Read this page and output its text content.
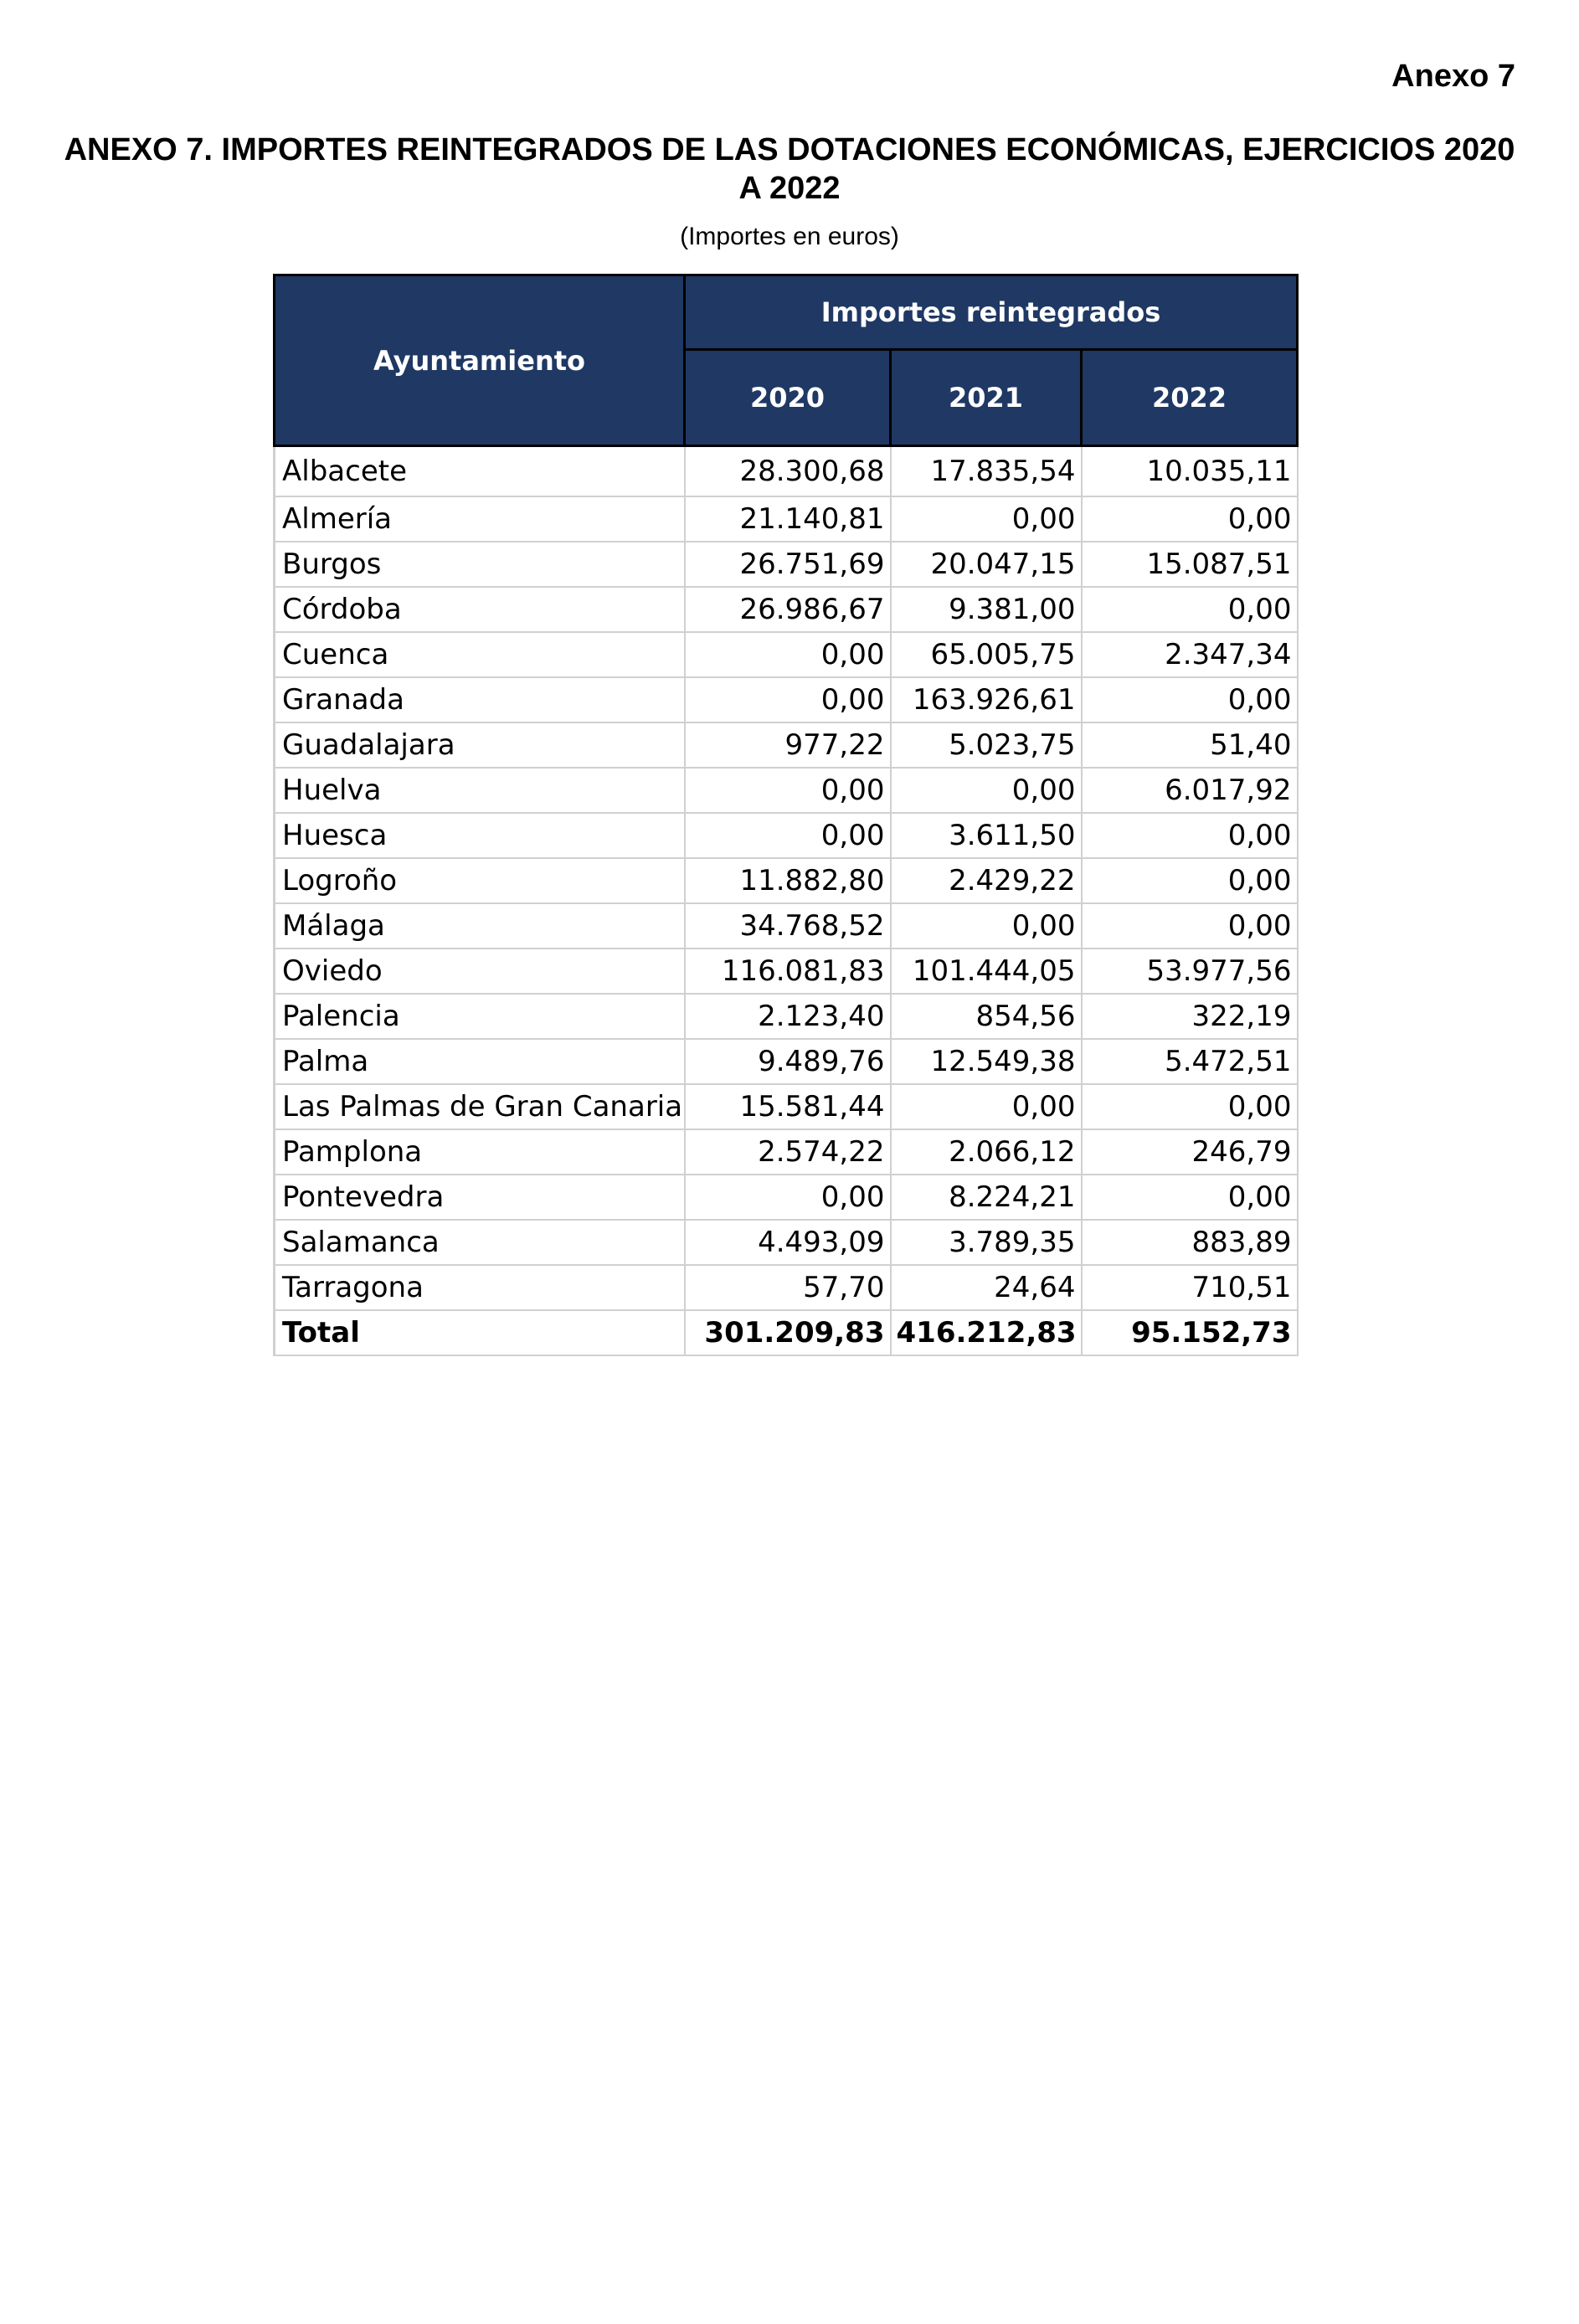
Anexo 7
ANEXO 7. IMPORTES REINTEGRADOS DE LAS DOTACIONES ECONÓMICAS, EJERCICIOS 2020 A 2022
(Importes en euros)
Ayuntamiento	Importes reintegrados		
	2020	2021	2022
Albacete	28.300,68	17.835,54	10.035,11
Almería	21.140,81	0,00	0,00
Burgos	26.751,69	20.047,15	15.087,51
Córdoba	26.986,67	9.381,00	0,00
Cuenca	0,00	65.005,75	2.347,34
Granada	0,00	163.926,61	0,00
Guadalajara	977,22	5.023,75	51,40
Huelva	0,00	0,00	6.017,92
Huesca	0,00	3.611,50	0,00
Logroño	11.882,80	2.429,22	0,00
Málaga	34.768,52	0,00	0,00
Oviedo	116.081,83	101.444,05	53.977,56
Palencia	2.123,40	854,56	322,19
Palma	9.489,76	12.549,38	5.472,51
Las Palmas de Gran Canaria	15.581,44	0,00	0,00
Pamplona	2.574,22	2.066,12	246,79
Pontevedra	0,00	8.224,21	0,00
Salamanca	4.493,09	3.789,35	883,89
Tarragona	57,70	24,64	710,51
Total	301.209,83	416.212,83	95.152,73
